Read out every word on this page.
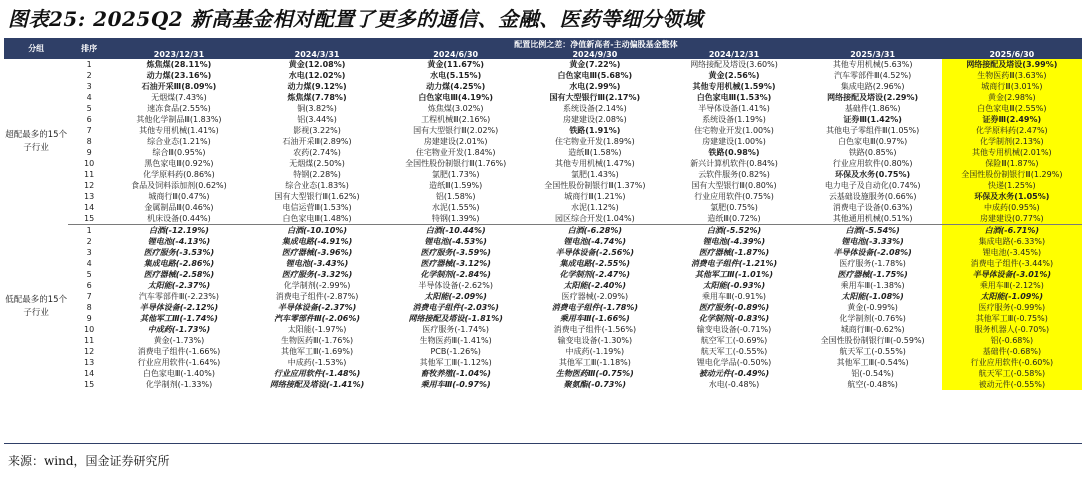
图表25: 2025Q2 新高基金相对配置了更多的通信、金融、医药等细分领域
分组	排序	配置比例之差：净值新高者-主动偏股基金整体						
		2023/12/31	2024/3/31	2024/6/30	2024/9/30	2024/12/31	2025/3/31	2025/6/30
超配最多的15个子行业	1	炼焦煤(28.11%)	黄金(12.08%)	黄金(11.67%)	黄金(7.22%)	网络接配及塔设(3.60%)	其他专用机械(5.63%)	网络接配及塔设(3.99%)
	2	动力煤(23.16%)	水电(12.02%)	水电(5.15%)	白色家电Ⅲ(5.68%)	黄金(2.56%)	汽车零部件Ⅲ(4.52%)	生物医药Ⅲ(3.63%)
	3	石油开采Ⅲ(8.09%)	动力煤(9.12%)	动力煤(4.25%)	水电(2.99%)	其他专用机械(1.59%)	集成电路(2.96%)	城商行Ⅲ(3.01%)
	4	无烟煤(7.43%)	炼焦煤(7.78%)	白色家电Ⅲ(4.19%)	国有大型银行Ⅲ(2.17%)	白色家电Ⅲ(1.53%)	网络接配及塔设(2.29%)	黄金(2.98%)
	5	速冻食品(2.55%)	铜(3.82%)	炼焦煤(3.02%)	系统设备(2.14%)	半导体设备(1.41%)	基础件(1.86%)	白色家电Ⅲ(2.55%)
	6	其他化学制品Ⅲ(1.83%)	铝(3.44%)	工程机械Ⅲ(2.16%)	房建建设(2.08%)	系统设备(1.19%)	证券Ⅲ(1.42%)	证券Ⅲ(2.49%)
	7	其他专用机械(1.41%)	影视(3.22%)	国有大型银行Ⅲ(2.02%)	铁路(1.91%)	住宅物业开发(1.00%)	其他电子零组件Ⅲ(1.05%)	化学原料药(2.47%)
	8	综合业态(1.21%)	石油开采Ⅲ(2.89%)	房建建设(2.01%)	住宅物业开发(1.89%)	房建建设(1.00%)	白色家电Ⅲ(0.97%)	化学制剂(2.13%)
	9	综合Ⅲ(0.95%)	农药(2.74%)	住宅物业开发(1.84%)	造纸Ⅲ(1.58%)	铁路(0.98%)	铁路(0.85%)	其他专用机械(2.01%)
	10	黑色家电Ⅲ(0.92%)	无烟煤(2.50%)	全国性股份制银行Ⅲ(1.76%)	其他专用机械(1.47%)	新兴计算机软件(0.84%)	行业应用软件(0.80%)	保险Ⅲ(1.87%)
	11	化学原料药(0.86%)	特钢(2.28%)	氯肥(1.73%)	氯肥(1.43%)	云软件服务(0.82%)	环保及水务(0.75%)	全国性股份制银行Ⅲ(1.29%)
	12	食品及饲料添加剂(0.62%)	综合业态(1.83%)	造纸Ⅲ(1.59%)	全国性股份制银行Ⅲ(1.37%)	国有大型银行Ⅲ(0.80%)	电力电子及自动化(0.74%)	快递(1.25%)
	13	城商行Ⅲ(0.47%)	国有大型银行Ⅲ(1.62%)	铝(1.58%)	城商行Ⅲ(1.21%)	行业应用软件(0.75%)	云基础设施服务(0.66%)	环保及水务(1.05%)
	14	金属制品Ⅲ(0.46%)	电信运营Ⅲ(1.53%)	水泥(1.55%)	水泥(1.12%)	氯肥(0.75%)	消费电子设备(0.63%)	中成药(0.95%)
	15	机床设备(0.44%)	白色家电Ⅲ(1.48%)	特钢(1.39%)	园区综合开发(1.04%)	造纸Ⅲ(0.72%)	其他通用机械(0.51%)	房建建设(0.77%)
低配最多的15个子行业	1	白酒(-12.19%)	白酒(-10.10%)	白酒(-10.44%)	白酒(-6.28%)	白酒(-5.52%)	白酒(-5.54%)	白酒(-6.71%)
	2	锂电池(-4.13%)	集成电路(-4.91%)	锂电池(-4.53%)	锂电池(-4.74%)	锂电池(-4.39%)	锂电池(-3.33%)	集成电路(-6.33%)
	3	医疗服务(-3.53%)	医疗器械(-3.96%)	医疗服务(-3.59%)	半导体设备(-2.56%)	医疗器械(-1.87%)	半导体设备(-2.08%)	锂电池(-3.45%)
	4	集成电路(-2.86%)	锂电池(-3.43%)	医疗器械(-3.12%)	集成电路(-2.55%)	消费电子组件(-1.21%)	医疗服务(-1.78%)	消费电子组件(-3.44%)
	5	医疗器械(-2.58%)	医疗服务(-3.32%)	化学制剂(-2.84%)	化学制剂(-2.47%)	其他军工Ⅲ(-1.01%)	医疗器械(-1.75%)	半导体设备(-3.01%)
	6	太阳能(-2.37%)	化学制剂(-2.99%)	半导体设备(-2.62%)	太阳能(-2.40%)	太阳能(-0.93%)	乘用车Ⅲ(-1.38%)	乘用车Ⅲ(-2.12%)
	7	汽车零部件Ⅲ(-2.23%)	消费电子组件(-2.87%)	太阳能(-2.09%)	医疗器械(-2.09%)	乘用车Ⅲ(-0.91%)	太阳能(-1.08%)	太阳能(-1.09%)
	8	半导体设备(-2.12%)	半导体设备(-2.37%)	消费电子组件(-2.03%)	消费电子组件(-1.78%)	医疗服务(-0.89%)	黄金(-0.99%)	医疗服务(-0.99%)
	9	其他军工Ⅲ(-1.74%)	汽车零部件Ⅲ(-2.06%)	网络接配及塔设(-1.81%)	乘用车Ⅲ(-1.66%)	化学制剂(-0.83%)	化学制剂(-0.76%)	其他军工Ⅲ(-0.75%)
	10	中成药(-1.73%)	太阳能(-1.97%)	医疗服务(-1.74%)	消费电子组件(-1.56%)	输变电设备(-0.71%)	城商行Ⅲ(-0.62%)	服务机器人(-0.70%)
	11	黄金(-1.73%)	生物医药Ⅲ(-1.76%)	生物医药Ⅲ(-1.41%)	输变电设备(-1.30%)	航空军工(-0.69%)	全国性股份制银行Ⅲ(-0.59%)	铝(-0.68%)
	12	消费电子组件(-1.66%)	其他军工Ⅲ(-1.69%)	PCB(-1.26%)	中成药(-1.19%)	航天军工(-0.55%)	航天军工(-0.55%)	基础件(-0.68%)
	13	行业应用软件(-1.64%)	中成药(-1.53%)	其他军工Ⅲ(-1.12%)	其他军工Ⅲ(-1.18%)	锂电化学品(-0.50%)	其他军工Ⅲ(-0.54%)	行业应用软件(-0.60%)
	14	白色家电Ⅲ(-1.40%)	行业应用软件(-1.48%)	畜牧养殖(-1.04%)	生物医药Ⅲ(-0.75%)	被动元件(-0.49%)	铝(-0.54%)	航天军工(-0.58%)
	15	化学制剂(-1.33%)	网络接配及塔设(-1.41%)	乘用车Ⅲ(-0.97%)	聚氨酯(-0.73%)	水电(-0.48%)	航空(-0.48%)	被动元件(-0.55%)
来源：wind，国金证券研究所
